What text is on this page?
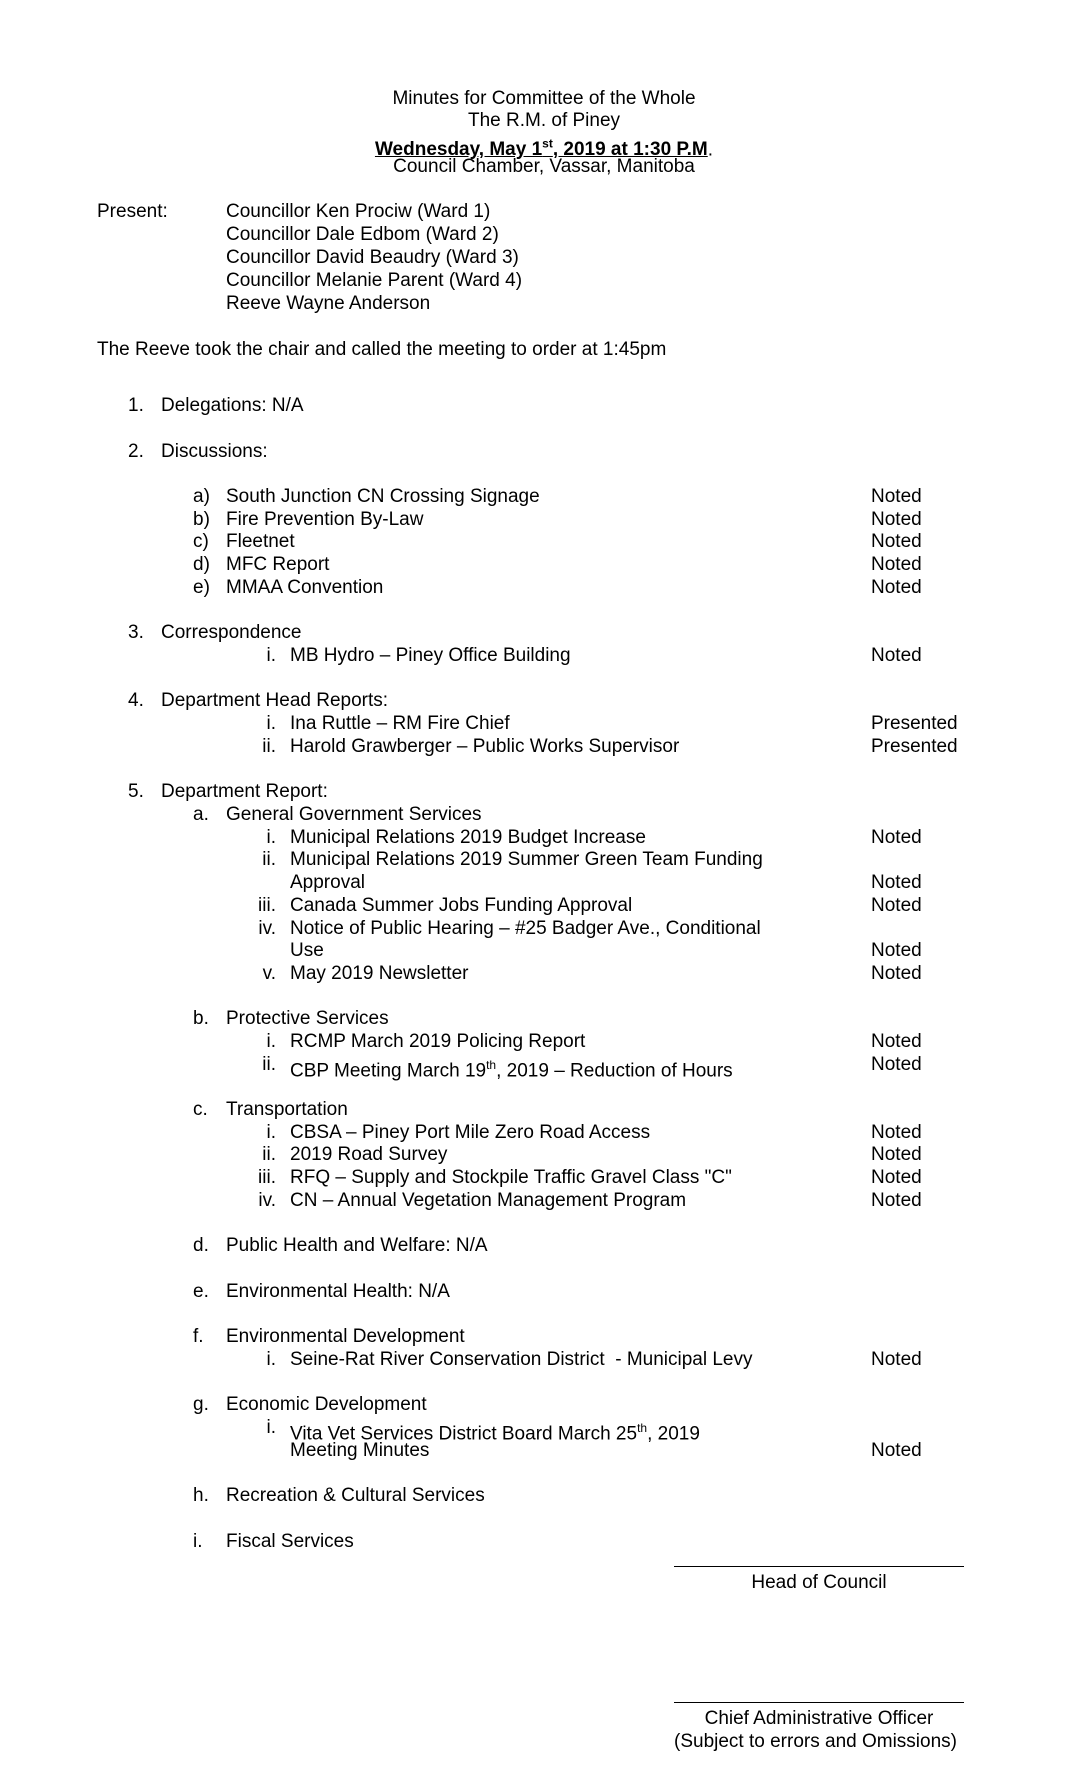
Minutes for Committee of the Whole
The R.M. of Piney
Wednesday, May 1st, 2019 at 1:30 P.M.
Council Chamber, Vassar, Manitoba
Present:	Councillor Ken Prociw (Ward 1)
Councillor Dale Edbom (Ward 2)
Councillor David Beaudry (Ward 3)
Councillor Melanie Parent (Ward 4)
Reeve Wayne Anderson
The Reeve took the chair and called the meeting to order at 1:45pm
1. Delegations: N/A
2. Discussions:
a) South Junction CN Crossing Signage	Noted
b) Fire Prevention By-Law	Noted
c) Fleetnet	Noted
d) MFC Report	Noted
e) MMAA Convention	Noted
3. Correspondence
i. MB Hydro – Piney Office Building	Noted
4. Department Head Reports:
i. Ina Ruttle – RM Fire Chief	Presented
ii. Harold Grawberger – Public Works Supervisor	Presented
5. Department Report:
a. General Government Services
i. Municipal Relations 2019 Budget Increase	Noted
ii. Municipal Relations 2019 Summer Green Team Funding
Approval	Noted
iii. Canada Summer Jobs Funding Approval	Noted
iv. Notice of Public Hearing – #25 Badger Ave., Conditional
Use	Noted
v. May 2019 Newsletter	Noted
b. Protective Services
i. RCMP March 2019 Policing Report	Noted
ii. CBP Meeting March 19th, 2019 – Reduction of Hours	Noted
c. Transportation
i. CBSA – Piney Port Mile Zero Road Access	Noted
ii. 2019 Road Survey	Noted
iii. RFQ – Supply and Stockpile Traffic Gravel Class "C"	Noted
iv. CN – Annual Vegetation Management Program	Noted
d. Public Health and Welfare: N/A
e. Environmental Health: N/A
f. Environmental Development
i. Seine-Rat River Conservation District  - Municipal Levy	Noted
g. Economic Development
i. Vita Vet Services District Board March 25th, 2019
Meeting Minutes	Noted
h. Recreation & Cultural Services
i. Fiscal Services
Head of Council
Chief Administrative Officer
(Subject to errors and Omissions)
